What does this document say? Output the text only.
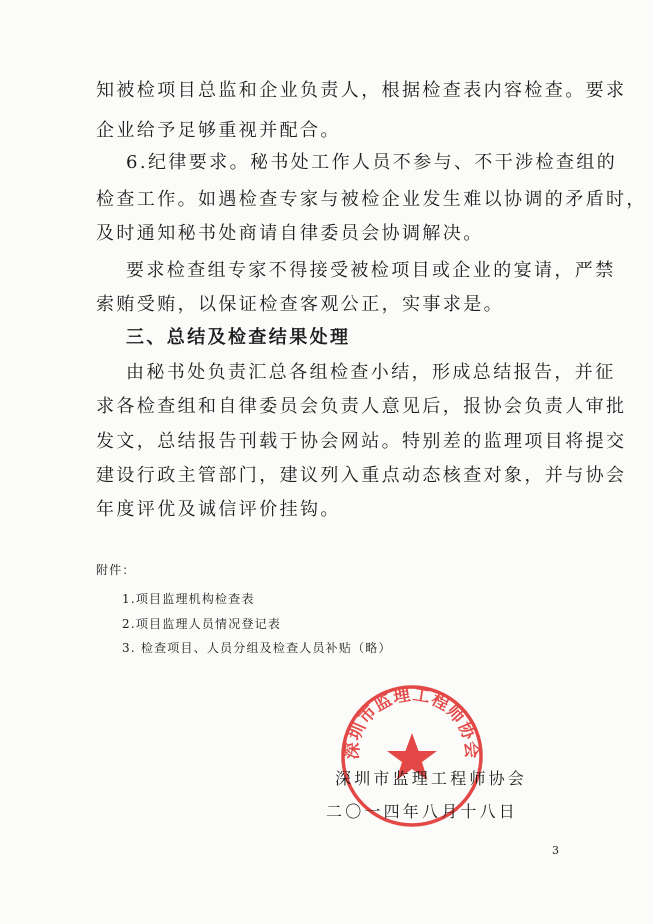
知被检项目总监和企业负责人，根据检查表内容检查。要求
企业给予足够重视并配合。
6.纪律要求。秘书处工作人员不参与、不干涉检查组的
检查工作。如遇检查专家与被检企业发生难以协调的矛盾时，
及时通知秘书处商请自律委员会协调解决。
要求检查组专家不得接受被检项目或企业的宴请，严禁
索贿受贿，以保证检查客观公正，实事求是。
三、总结及检查结果处理
由秘书处负责汇总各组检查小结，形成总结报告，并征
求各检查组和自律委员会负责人意见后，报协会负责人审批
发文，总结报告刊载于协会网站。特别差的监理项目将提交
建设行政主管部门，建议列入重点动态核查对象，并与协会
年度评优及诚信评价挂钩。
附件：
1.项目监理机构检查表
2.项目监理人员情况登记表
3. 检查项目、人员分组及检查人员补贴（略）
深圳市监理工程师协会
深圳市监理工程师协会
二〇一四年八月十八日
3
